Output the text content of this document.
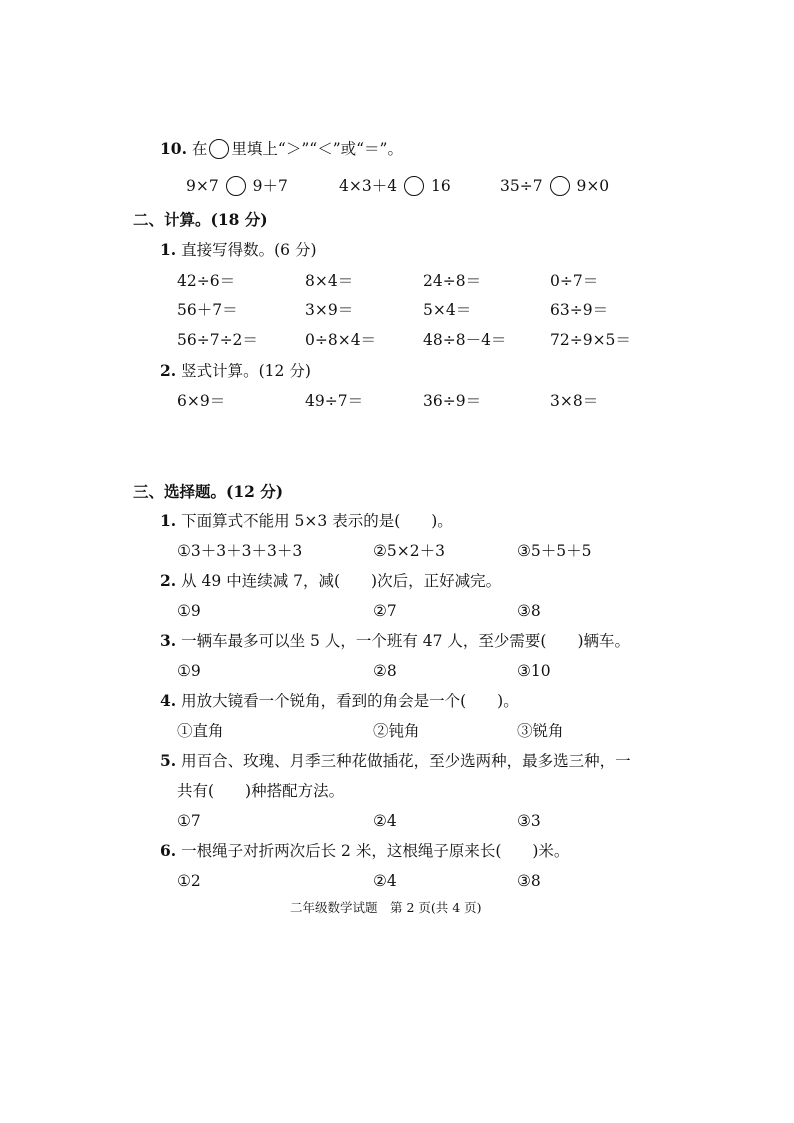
10. 在 里填上“＞”“＜”或“＝”。
9×7 9＋7	4×3＋4 16	35÷7 9×0
二、计算。(18 分)
1. 直接写得数。(6 分)
42÷6＝	8×4＝	24÷8＝	0÷7＝
56＋7＝	3×9＝	5×4＝	63÷9＝
56÷7÷2＝	0÷8×4＝	48÷8－4＝	72÷9×5＝
2. 竖式计算。(12 分)
6×9＝	49÷7＝	36÷9＝	3×8＝
三、选择题。(12 分)
1. 下面算式不能用 5×3 表示的是(　　)。
①3＋3＋3＋3＋3	②5×2＋3	③5＋5＋5
2. 从 49 中连续减 7，减(　　)次后，正好减完。
①9	②7	③8
3. 一辆车最多可以坐 5 人，一个班有 47 人，至少需要(　　)辆车。
①9	②8	③10
4. 用放大镜看一个锐角，看到的角会是一个(　　)。
①直角	②钝角	③锐角
5. 用百合、玫瑰、月季三种花做插花，至少选两种，最多选三种，一
共有(　　)种搭配方法。
①7	②4	③3
6. 一根绳子对折两次后长 2 米，这根绳子原来长(　　)米。
①2	②4	③8
二年级数学试题　第 2 页(共 4 页)
